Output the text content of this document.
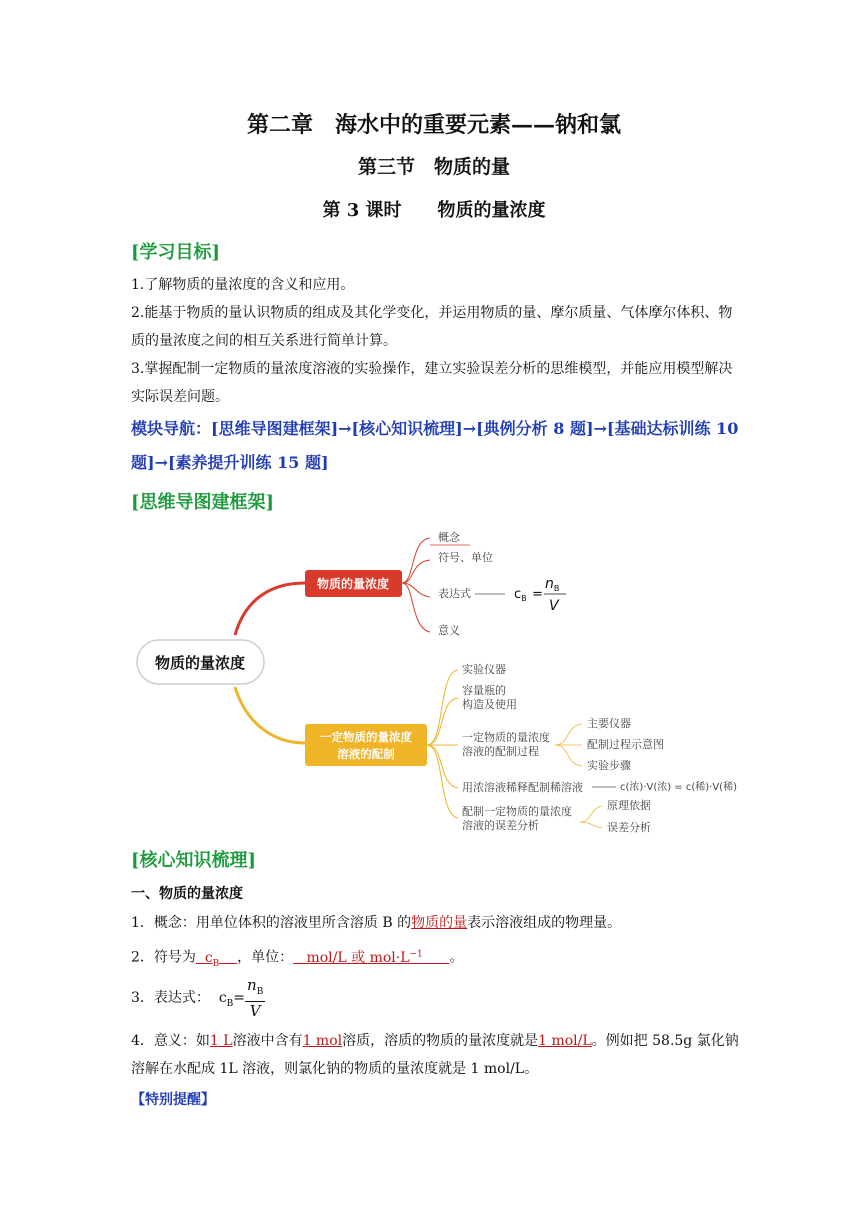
第二章　海水中的重要元素——钠和氯
第三节　物质的量
第 3 课时　　物质的量浓度
[学习目标]
1.了解物质的量浓度的含义和应用。
2.能基于物质的量认识物质的组成及其化学变化，并运用物质的量、摩尔质量、气体摩尔体积、物质的量浓度之间的相互关系进行简单计算。
3.掌握配制一定物质的量浓度溶液的实验操作，建立实验误差分析的思维模型，并能应用模型解决实际误差问题。
模块导航：[思维导图建框架]→[核心知识梳理]→[典例分析 8 题]→[基础达标训练 10 题]→[素养提升训练 15 题]
[思维导图建框架]
物质的量浓度
物质的量浓度
概念
符号、单位
表达式
意义
$c_B$ =
$n_B$
V
一定物质的量浓度
溶液的配制
实验仪器
容量瓶的
构造及使用
一定物质的量浓度
溶液的配制过程
用浓溶液稀释配制稀溶液
配制一定物质的量浓度
溶液的误差分析
主要仪器
配制过程示意图
实验步骤
c(浓)·V(浓) = c(稀)·V(稀)
原理依据
误差分析
[核心知识梳理]
一、物质的量浓度
1．概念：用单位体积的溶液里所含溶质 B 的物质的量表示溶液组成的物理量。
2．符号为 $c_B$ ，单位： mol/L 或 $mol\cdot L^{-1}$ 。
3．表达式： $c_B= \frac{n_B}{V}$
4．意义：如1 L溶液中含有1 mol溶质，溶质的物质的量浓度就是1 mol/L。例如把 58.5g 氯化钠溶解在水配成 1L 溶液，则氯化钠的物质的量浓度就是 1 mol/L。
【特别提醒】
